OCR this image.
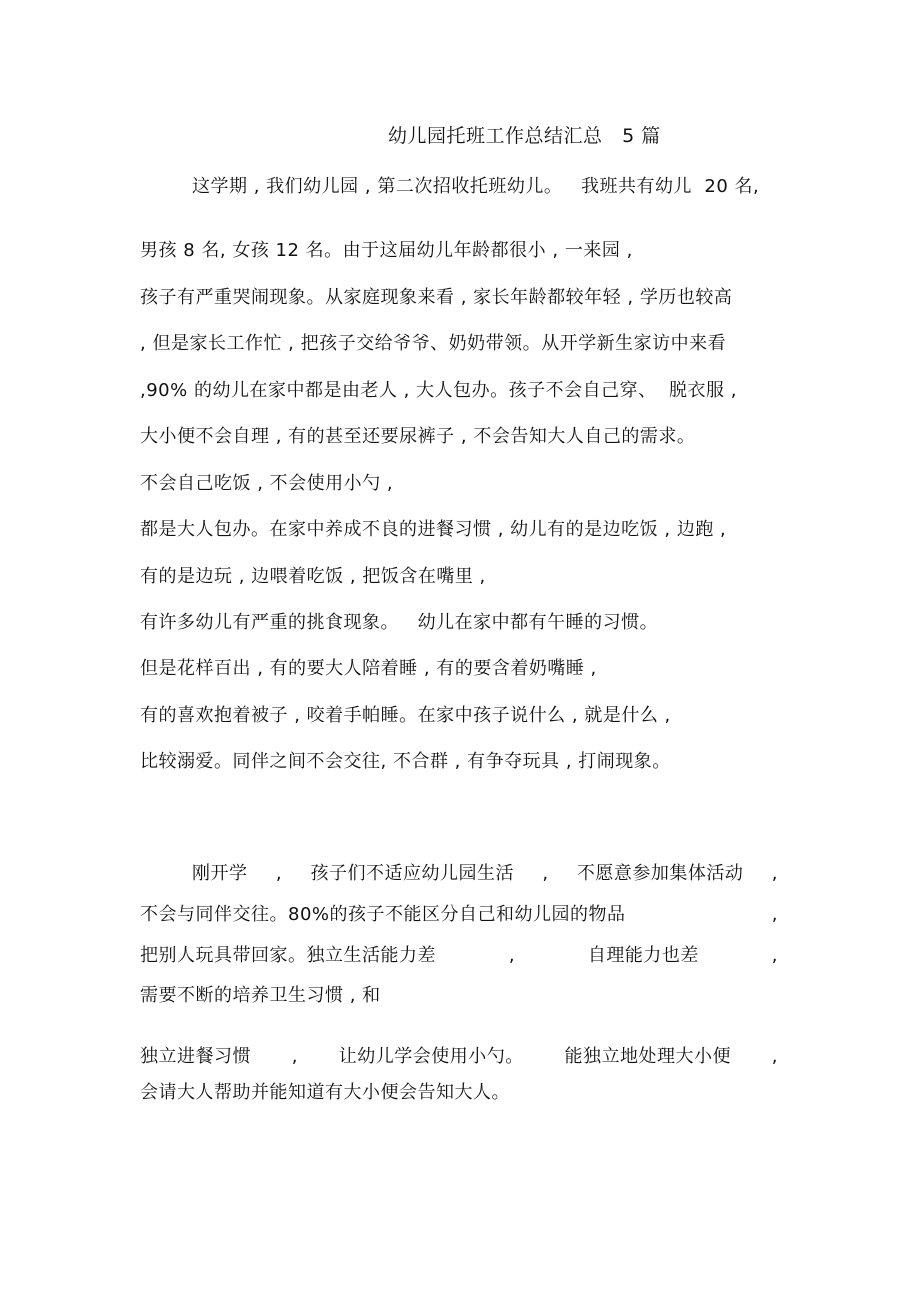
幼儿园托班工作总结汇总   5 篇
这学期 , 我们幼儿园 , 第二次招收托班幼儿。   我班共有幼儿  20 名,
男孩 8 名, 女孩 12 名。由于这届幼儿年龄都很小 , 一来园 ,
孩子有严重哭闹现象。从家庭现象来看 , 家长年龄都较年轻 , 学历也较高
, 但是家长工作忙 , 把孩子交给爷爷、奶奶带领。从开学新生家访中来看
,90% 的幼儿在家中都是由老人 , 大人包办。孩子不会自己穿、  脱衣服 ,
大小便不会自理 , 有的甚至还要尿裤子 , 不会告知大人自己的需求。
不会自己吃饭 , 不会使用小勺 ,
都是大人包办。在家中养成不良的进餐习惯 , 幼儿有的是边吃饭 , 边跑 ,
有的是边玩 , 边喂着吃饭 , 把饭含在嘴里 ,
有许多幼儿有严重的挑食现象。   幼儿在家中都有午睡的习惯。
但是花样百出 , 有的要大人陪着睡 , 有的要含着奶嘴睡 ,
有的喜欢抱着被子 , 咬着手帕睡。在家中孩子说什么 , 就是什么 ,
比较溺爱。同伴之间不会交往, 不合群 , 有争夺玩具 , 打闹现象。
刚开学 , 孩子们不适应幼儿园生活 , 不愿意参加集体活动 ,
不会与同伴交往。80%的孩子不能区分自己和幼儿园的物品	,
把别人玩具带回家。独立生活能力差	,	自理能力也差	,
需要不断的培养卫生习惯 , 和
独立进餐习惯 , 让幼儿学会使用小勺。 能独立地处理大小便 ,
会请大人帮助并能知道有大小便会告知大人。
